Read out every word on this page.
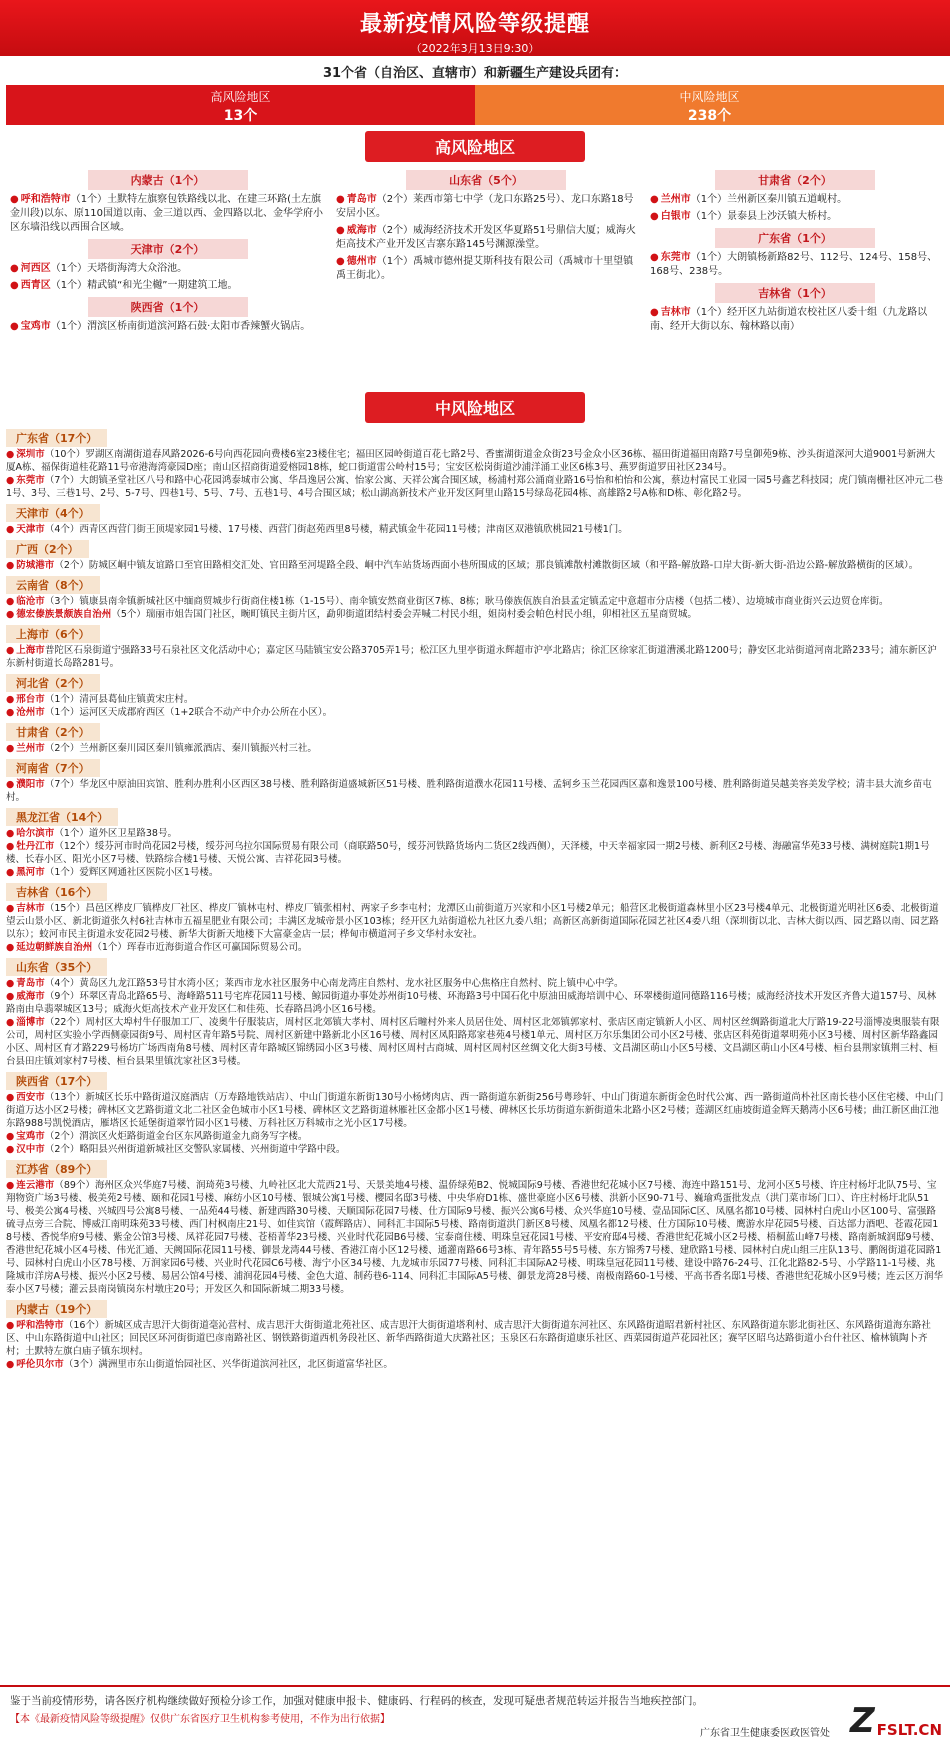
最新疫情风险等级提醒
（2022年3月13日9:30）
31个省（自治区、直辖市）和新疆生产建设兵团有：
高风险地区
13个
中风险地区
238个
高风险地区
内蒙古（1个）
● 呼和浩特市（1个）土默特左旗察包铁路线以北、在建三环路(土左旗金川段)以东、原110国道以南、金三道以西、金四路以北、金华学府小区东墙沿线以西围合区域。
天津市（2个）
● 河西区（1个）天塔街海湾大众浴池。
● 西青区（1个）精武镇“和光尘樾”一期建筑工地。
陕西省（1个）
● 宝鸡市（1个）渭滨区桥南街道滨河路石鼓·太阳市香辣蟹火锅店。
山东省（5个）
● 青岛市（2个）莱西市第七中学（龙口东路25号）、龙口东路18号安居小区。
● 威海市（2个）威海经济技术开发区华夏路51号鼎信大厦；威海火炬高技术产业开发区吉寨东路145号渊源澡堂。
● 德州市（1个）禹城市德州提艾斯科技有限公司（禹城市十里望镇禹王街北）。
甘肃省（2个）
● 兰州市（1个）兰州新区秦川镇五道岘村。
● 白银市（1个）景泰县上沙沃镇大桥村。
广东省（1个）
● 东莞市（1个）大朗镇杨新路82号、112号、124号、158号、168号、238号。
吉林省（1个）
● 吉林市（1个）经开区九站街道农校社区八委十组（九龙路以南、经开大街以东、翰林路以南）
中风险地区
广东省（17个）
● 深圳市（10个）罗湖区南湖街道春风路2026-6号向西花园向费楼6室23楼住宅；福田区园岭街道百花七路2号、香蜜湖街道金众街23号金众小区36栋、福田街道福田南路7号皇御苑9栋、沙头街道深河大道9001号新洲大厦A栋、福保街道桂花路11号帝港海湾豪园D座；南山区招商街道爱榕园18栋，蛇口街道雷公岭村15号；宝安区松岗街道沙浦洋涌工业区6栋3号、燕罗街道罗田社区234号。
● 东莞市（7个）大朗镇圣堂社区八号和路中心花园鸿泰城市公寓、华昌逸居公寓、怡家公寓、天祥公寓合围区域，杨浦村郑公涌商业路16号怡和柏怡和公寓，蔡边村富民工业园一园5号鑫艺科技园；虎门镇南栅社区冲元二巷1号、3号、三巷1号、2号、5-7号、四巷1号、5号、7号、五巷1号、4号合围区域；松山湖高新技术产业开发区阿里山路15号绿岛花园4栋、高雄路2号A栋和D栋、彰化路2号。
天津市（4个）
● 天津市（4个）西青区西营门街王顶堤家园1号楼、17号楼、西营门街赵苑西里8号楼，精武镇金牛花园11号楼；津南区双港镇欣桃园21号楼1门。
广西（2个）
● 防城港市（2个）防城区峒中镇友谊路口至官田路相交汇处、官田路至河堤路全段、峒中汽车站货场西面小巷所围成的区域；那良镇滩散村滩散街区域（和平路-解放路-口岸大街-新大街-沿边公路-解放路横街的区域）。
云南省（8个）
● 临沧市（3个）镇康县南伞镇新城社区中缅商贸城步行街商住楼1栋（1-15号）、南伞镇安然商业街区7栋、8栋；耿马傣族佤族自治县孟定镇孟定中意超市分店楼（包括二楼）、边境城市商业街兴云边贸仓库街。
● 德宏傣族景颇族自治州（5个）瑞丽市姐告国门社区，畹町镇民主街片区，勐卯街道团结村委会弄喊二村民小组，姐岗村委会帕色村民小组，卯相社区五星商贸城。
上海市（6个）
● 上海市普陀区石泉街道宁强路33号石泉社区文化活动中心；嘉定区马陆镇宝安公路3705弄1号；松江区九里亭街道永辉超市沪亭北路店；徐汇区徐家汇街道漕溪北路1200号；静安区北站街道河南北路233号；浦东新区沪东新村街道长岛路281号。
河北省（2个）
● 邢台市（1个）清河县葛仙庄镇黄宋庄村。
● 沧州市（1个）运河区天成郡府西区（1+2联合不动产中介办公所在小区）。
甘肃省（2个）
● 兰州市（2个）兰州新区秦川园区秦川镇雍派酒店、秦川镇振兴村三社。
河南省（7个）
● 濮阳市（7个）华龙区中原油田宾馆、胜利办胜利小区西区38号楼、胜利路街道盛城新区51号楼、胜利路街道濮水花园11号楼、孟轲乡玉兰花园西区嘉和逸景100号楼、胜利路街道吴越美容美发学校；清丰县大流乡苗屯村。
黑龙江省（14个）
● 哈尔滨市（1个）道外区卫星路38号。
● 牡丹江市（12个）绥芬河市时尚花园2号楼，绥芬河乌拉尔国际贸易有限公司（商联路50号，绥芬河铁路货场内二货区2线西侧），天泽楼，中天幸福家园一期2号楼、新利区2号楼、海融富华苑33号楼、满树庭院1期1号楼、长春小区、阳光小区7号楼、铁路综合楼1号楼、天悦公寓、吉祥花园3号楼。
● 黑河市（1个）爱辉区网通社区医院小区1号楼。
吉林省（16个）
● 吉林市（15个）昌邑区桦皮厂镇桦皮厂社区、桦皮厂镇林屯村、桦皮厂镇张相村、两家子乡李屯村；龙潭区山前街道万兴家和小区1号楼2单元；船营区北极街道森林里小区23号楼4单元、北极街道光明社区6委、北极街道望云山景小区、新北街道张久村6社吉林市五福星肥业有限公司；丰满区龙城帝景小区103栋；经开区九站街道松九社区九委八组；高新区高新街道国际花园艺社区4委八组（深圳街以北、吉林大街以西、园艺路以南、园艺路以东）；蛟河市民主街道永安花园2号楼、新华大街新天地楼下大富豪金店一层；桦甸市横道河子乡文华村永安社。
● 延边朝鲜族自治州（1个）珲春市近海街道合作区可赢国际贸易公司。
山东省（35个）
● 青岛市（4个）黄岛区九龙江路53号甘水湾小区；莱西市龙水社区服务中心南龙湾庄自然村、龙水社区服务中心焦格庄自然村、院上镇中心中学。
● 威海市（9个）环翠区青岛北路65号、海峰路511号宅库花园11号楼、鲸园街道办事处苏州街10号楼、环海路3号中国石化中原油田威海培训中心、环翠楼街道同德路116号楼；威海经济技术开发区齐鲁大道157号、凤林路南由阜翡翠城区13号；威海火炬高技术产业开发区仁和佳苑、长春路昌鸿小区16号楼。
● 淄博市（22个）周村区大埠村牛仔服加工厂、凌奥牛仔服装店，周村区北郊镇大孝村、周村区后疃村外来人员居住处、周村区北郊镇郭家村、张店区南定镇新人小区、周村区丝绸路街道北大厅路19-22号淄博凌奥服装有限公司，周村区实验小学西侧豪园街9号、周村区青年路5号院、周村区新建中路新北小区16号楼、周村区凤阳路郑家巷苑4号楼1单元、周村区万尔乐集团公司小区2号楼、张店区科苑街道翠明苑小区3号楼、周村区新华路鑫园小区、周村区育才路229号杨坊广场西南角8号楼、周村区青年路城区锦绣园小区3号楼、周村区周村古商城、周村区周村区丝绸文化大街3号楼、文昌湖区萌山小区5号楼、文昌湖区萌山小区4号楼、桓台县荆家镇荆三村、桓台县田庄镇刘家村7号楼、桓台县果里镇沈家社区3号楼。
陕西省（17个）
● 西安市（13个）新城区长乐中路街道汉庭酒店（万寿路地铁站店）、中山门街道东新街130号小杨烤肉店、西一路街道东新街256号粤珍轩、中山门街道东新街金色时代公寓、西一路街道尚朴社区南长巷小区住宅楼、中山门街道万达小区2号楼；碑林区文艺路街道文北二社区金色城市小区1号楼、碑林区文艺路街道林雁社区金都小区1号楼、碑林区长乐坊街道东新街道朱北路小区2号楼；莲湖区红庙坡街道金辉天鹅湾小区6号楼；曲江新区曲江池东路988号凯悦酒店，雁塔区长延堡街道翠竹园小区1号楼、万科社区万科城市之光小区17号楼。
● 宝鸡市（2个）渭滨区火炬路街道金台区东风路街道金九商务写字楼。
● 汉中市（2个）略阳县兴州街道新城社区交警队家属楼、兴州街道中学路中段。
江苏省（89个）
● 连云港市（89个）海州区众兴华庭7号楼、润琦苑3号楼、九岭社区北大荒西21号、天景美地4号楼、温侨绿苑B2、悦城国际9号楼、香港世纪花城小区7号楼、海连中路151号、龙河小区5号楼、许庄村杨圩北队75号、宝翔物资广场3号楼、极美苑2号楼、颐和花园1号楼、麻纺小区10号楼、银城公寓1号楼、樱园名邸3号楼、中央华府D1栋、盛世豪庭小区6号楼、洪新小区90-71号、巍瑜鸡蛋批发点（洪门菜市场门口）、许庄村杨圩北队51号、极美公寓4号楼、兴城四号公寓8号楼、一品苑44号楼、新建西路30号楼、天顺国际花园7号楼、仕方国际9号楼、振兴公寓6号楼、众兴华庭10号楼、壹品国际C区、凤凰名都10号楼、园林村白虎山小区100号、富强路硫寻点旁三合院、博威江南明珠苑33号楼、西门村枫南庄21号、如佳宾馆（霞辉路店）、同科汇丰国际5号楼、路南街道洪门新区8号楼、凤凰名都12号楼、仕方国际10号楼、鹰游水岸花园5号楼、百达部力酒吧、苍霞花园18号楼、香悦华府9号楼、紫金公馆3号楼、凤祥花园7号楼、苍梧菁华23号楼、兴业时代花园B6号楼、宝泰商住楼、明珠皇冠花园1号楼、平安府邸4号楼、香港世纪花城小区2号楼、梧桐蓝山峰7号楼、路南新城润邸9号楼、香港世纪花城小区4号楼、伟光汇通、天阙国际花园11号楼、御景龙湾44号楼、香港江南小区12号楼、通灌南路66号3栋、青年路55号5号楼、东方锦秀7号楼、建欣路1号楼、园林村白虎山组三庄队13号、鹏阁街道花园路1号、园林村白虎山小区78号楼、万润家园6号楼、兴业时代花园C6号楼、海宁小区34号楼、九龙城市乐园77号楼、同科汇丰国际A2号楼、明珠皇冠花园11号楼、建设中路76-24号、江化北路82-5号、小学路11-1号楼、兆隆城市洋房A号楼、振兴小区2号楼、易居公馆4号楼、浦润花园4号楼、金色大道、制药巷6-114、同科汇丰国际A5号楼、御景龙湾28号楼、南极南路60-1号楼、平高书香名邸1号楼、香港世纪花城小区9号楼；连云区万润华泰小区7号楼；灌云县南岗镇岗东村墩庄20号；开发区久和国际新城二期33号楼。
内蒙古（19个）
● 呼和浩特市（16个）新城区成吉思汗大街街道毫沁营村、成吉思汗大街街道北苑社区、成吉思汗大街街道塔利村、成吉思汗大街街道东河社区、东风路街道昭君新村社区、东风路街道东影北街社区、东风路街道海东路社区、中山东路街道中山社区；回民区环河街街道巴彦南路社区、钢铁路街道西机务段社区、新华西路街道大庆路社区；玉泉区石东路街道康乐社区、西菜园街道芦花园社区；赛罕区昭乌达路街道小台什社区、榆林镇陶卜齐村；土默特左旗白庙子镇东坝村。
● 呼伦贝尔市（3个）满洲里市东山街道怡园社区、兴华街道滨河社区，北区街道富华社区。
鉴于当前疫情形势，请各医疗机构继续做好预检分诊工作，加强对健康申报卡、健康码、行程码的核查，发现可疑患者规范转运并报告当地疾控部门。
【本《最新疫情风险等级提醒》仅供广东省医疗卫生机构参考使用，不作为出行依据】
广东省卫生健康委医政医管处 Z FSLT.CN
